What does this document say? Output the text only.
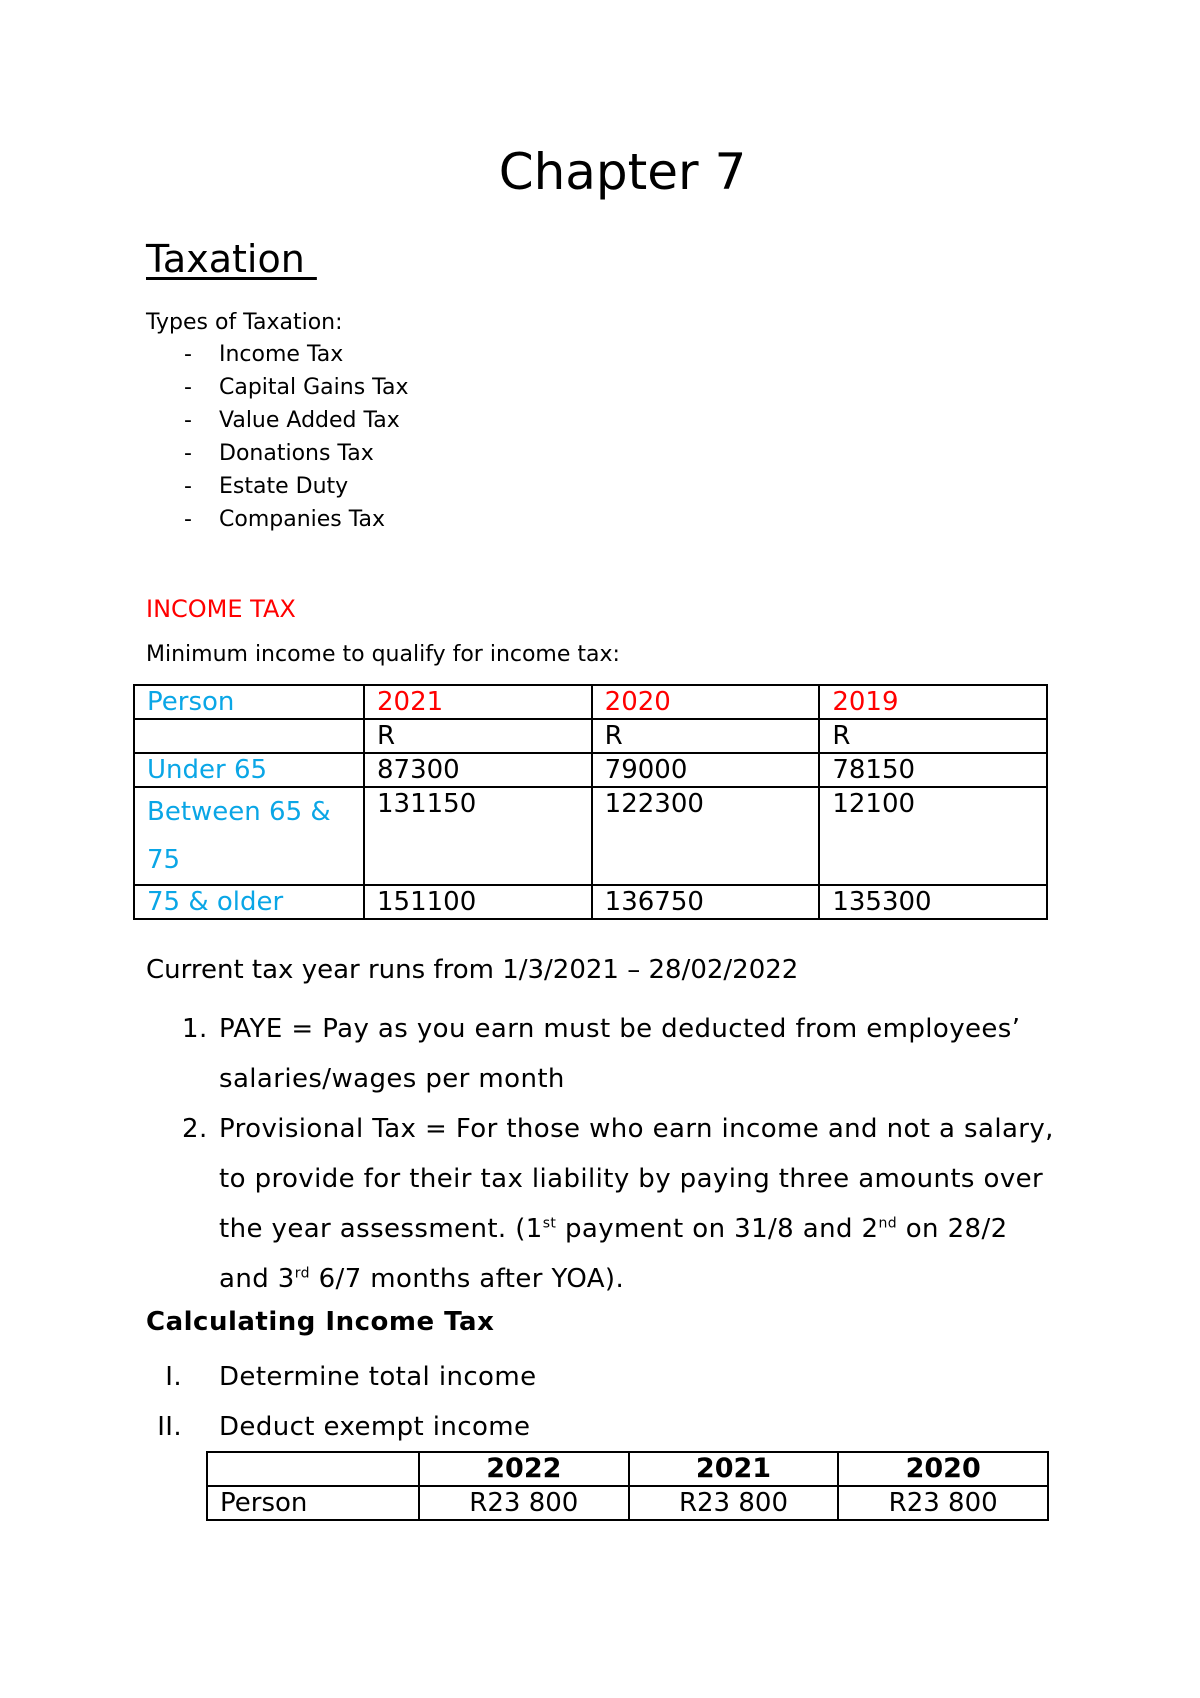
Chapter 7
Taxation

Types of Taxation:

- Income Tax
- Capital Gains Tax
- Value Added Tax
- Donations Tax
- Estate Duty
- Companies Tax

INCOME TAX

Minimum income to qualify for income tax:

Person	2021	2020	2019
	R	R	R
Under 65	87300	79000	78150
Between 65 & 75	131150	122300	12100
75 & older	151100	136750	135300

Current tax year runs from 1/3/2021 – 28/02/2022

1. PAYE = Pay as you earn must be deducted from employees’ salaries/wages per month
2. Provisional Tax = For those who earn income and not a salary, to provide for their tax liability by paying three amounts over the year assessment. (1st payment on 31/8 and 2nd on 28/2 and 3rd 6/7 months after YOA).

Calculating Income Tax

I. Determine total income
II. Deduct exempt income
	2022	2021	2020
Person	R23 800	R23 800	R23 800
